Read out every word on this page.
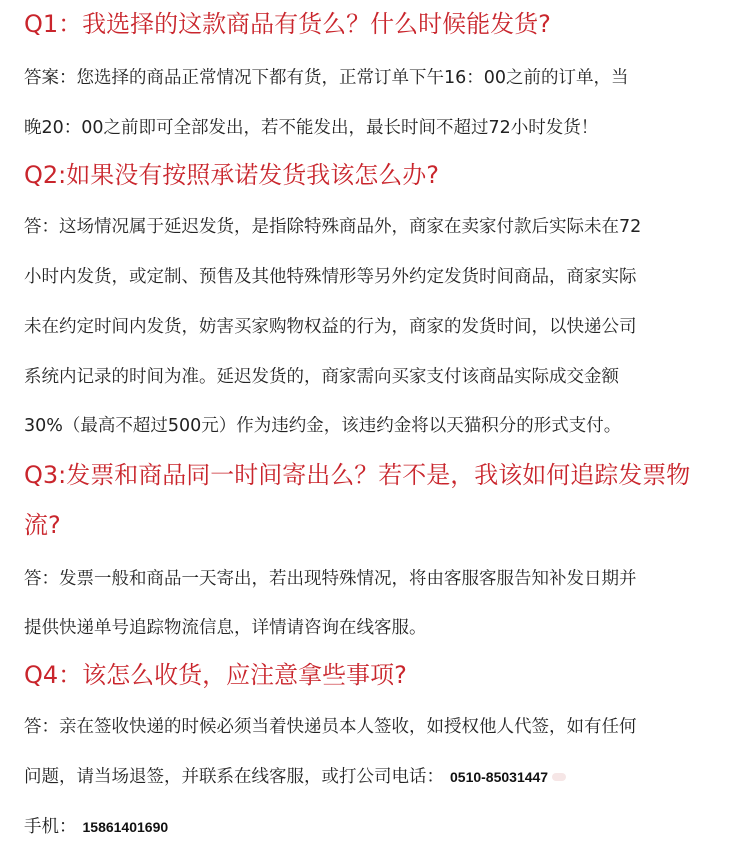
Q1：我选择的这款商品有货么？什么时候能发货?

答案：您选择的商品正常情况下都有货，正常订单下午16：00之前的订单，当

晚20：00之前即可全部发出，若不能发出，最长时间不超过72小时发货！

Q2:如果没有按照承诺发货我该怎么办?

答：这场情况属于延迟发货，是指除特殊商品外，商家在卖家付款后实际未在72

小时内发货，或定制、预售及其他特殊情形等另外约定发货时间商品，商家实际

未在约定时间内发货，妨害买家购物权益的行为，商家的发货时间，以快递公司

系统内记录的时间为准。延迟发货的，商家需向买家支付该商品实际成交金额

30%（最高不超过500元）作为违约金，该违约金将以天猫积分的形式支付。

Q3:发票和商品同一时间寄出么？若不是，我该如何追踪发票物
流?

答：发票一般和商品一天寄出，若出现特殊情况，将由客服客服告知补发日期并

提供快递单号追踪物流信息，详情请咨询在线客服。

Q4：该怎么收货，应注意拿些事项?

答：亲在签收快递的时候必须当着快递员本人签收，如授权他人代签，如有任何

问题，请当场退签，并联系在线客服，或打公司电话： 0510-85031447

手机： 15861401690
